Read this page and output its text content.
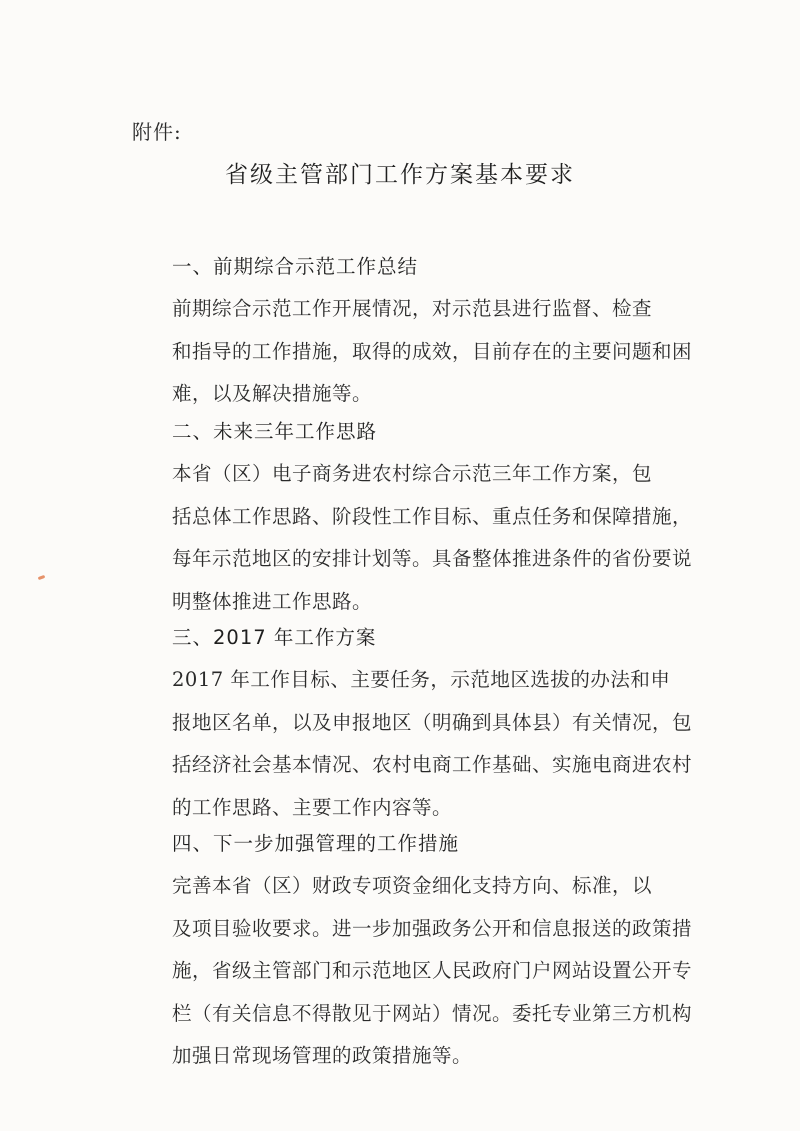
附件:
省级主管部门工作方案基本要求
一、前期综合示范工作总结

前期综合示范工作开展情况，对示范县进行监督、检查
和指导的工作措施，取得的成效，目前存在的主要问题和困
难，以及解决措施等。

二、未来三年工作思路

本省（区）电子商务进农村综合示范三年工作方案，包
括总体工作思路、阶段性工作目标、重点任务和保障措施，
每年示范地区的安排计划等。具备整体推进条件的省份要说
明整体推进工作思路。

三、2017 年工作方案

2017 年工作目标、主要任务，示范地区选拔的办法和申
报地区名单，以及申报地区（明确到具体县）有关情况，包
括经济社会基本情况、农村电商工作基础、实施电商进农村
的工作思路、主要工作内容等。

四、下一步加强管理的工作措施

完善本省（区）财政专项资金细化支持方向、标准，以
及项目验收要求。进一步加强政务公开和信息报送的政策措
施，省级主管部门和示范地区人民政府门户网站设置公开专
栏（有关信息不得散见于网站）情况。委托专业第三方机构
加强日常现场管理的政策措施等。
